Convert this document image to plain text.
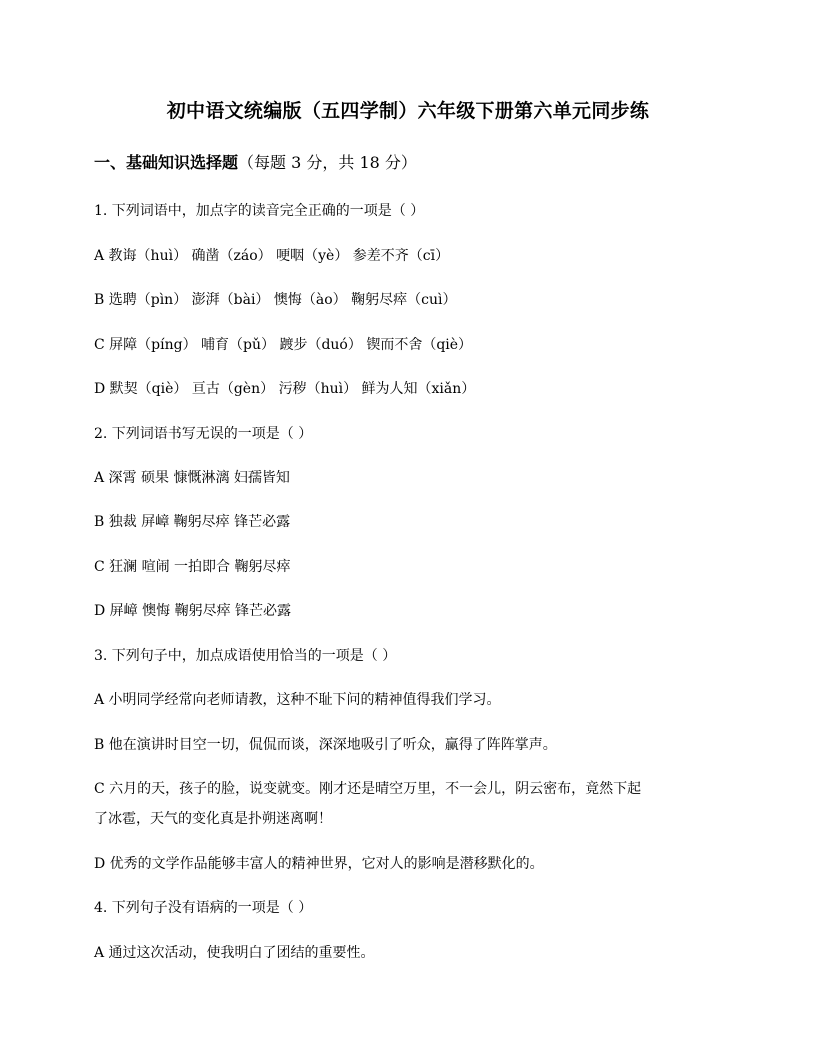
初中语文统编版（五四学制）六年级下册第六单元同步练
一、基础知识选择题（每题 3 分，共 18 分）
1. 下列词语中，加点字的读音完全正确的一项是（ ）
A 教诲（huì） 确凿（záo） 哽咽（yè） 参差不齐（cī）
B 选聘（pìn） 澎湃（bài） 懊悔（ào） 鞠躬尽瘁（cuì）
C 屏障（píng） 哺育（pǔ） 踱步（duó） 锲而不舍（qiè）
D 默契（qiè） 亘古（gèn） 污秽（huì） 鲜为人知（xiǎn）
2. 下列词语书写无误的一项是（ ）
A 深霄 硕果 慷慨淋漓 妇孺皆知
B 独裁 屏嶂 鞠躬尽瘁 锋芒必露
C 狂澜 喧闹 一拍即合 鞠躬尽瘁
D 屏嶂 懊悔 鞠躬尽瘁 锋芒必露
3. 下列句子中，加点成语使用恰当的一项是（ ）
A 小明同学经常向老师请教，这种不耻下问的精神值得我们学习。
B 他在演讲时目空一切，侃侃而谈，深深地吸引了听众，赢得了阵阵掌声。
C 六月的天，孩子的脸，说变就变。刚才还是晴空万里，不一会儿，阴云密布，竟然下起
了冰雹，天气的变化真是扑朔迷离啊！
D 优秀的文学作品能够丰富人的精神世界，它对人的影响是潜移默化的。
4. 下列句子没有语病的一项是（ ）
A 通过这次活动，使我明白了团结的重要性。
